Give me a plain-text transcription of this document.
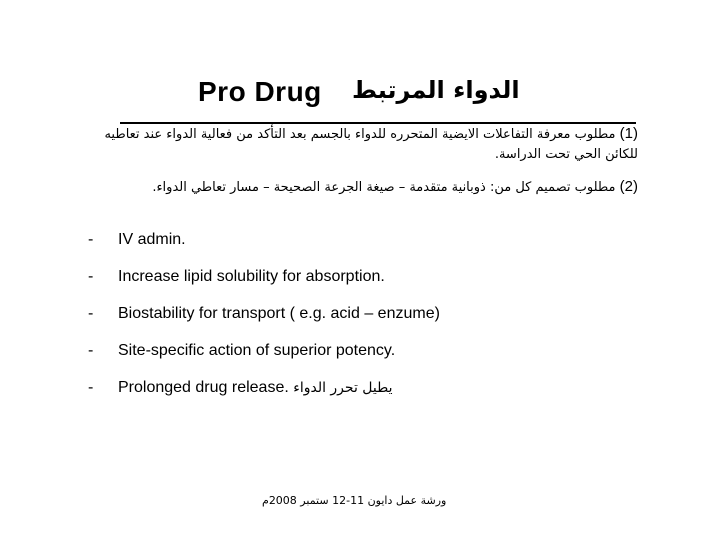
Pro Drug الدواء المرتبط
(1) مطلوب معرفة التفاعلات الايضية المتحرره للدواء بالجسم بعد التأكد من فعالية الدواء عند تعاطيه للكائن الحي تحت الدراسة.
(2) مطلوب تصميم كل من: ذوبانية متقدمة – صيغة الجرعة الصحيحة – مسار تعاطي الدواء.
- IV admin.
- Increase lipid solubility for absorption.
- Biostability for transport ( e.g. acid – enzume)
- Site-specific action of superior potency.
- Prolonged drug release. يطيل تحرر الدواء
ورشة عمل دايون 11-12 ستمبر 2008م
